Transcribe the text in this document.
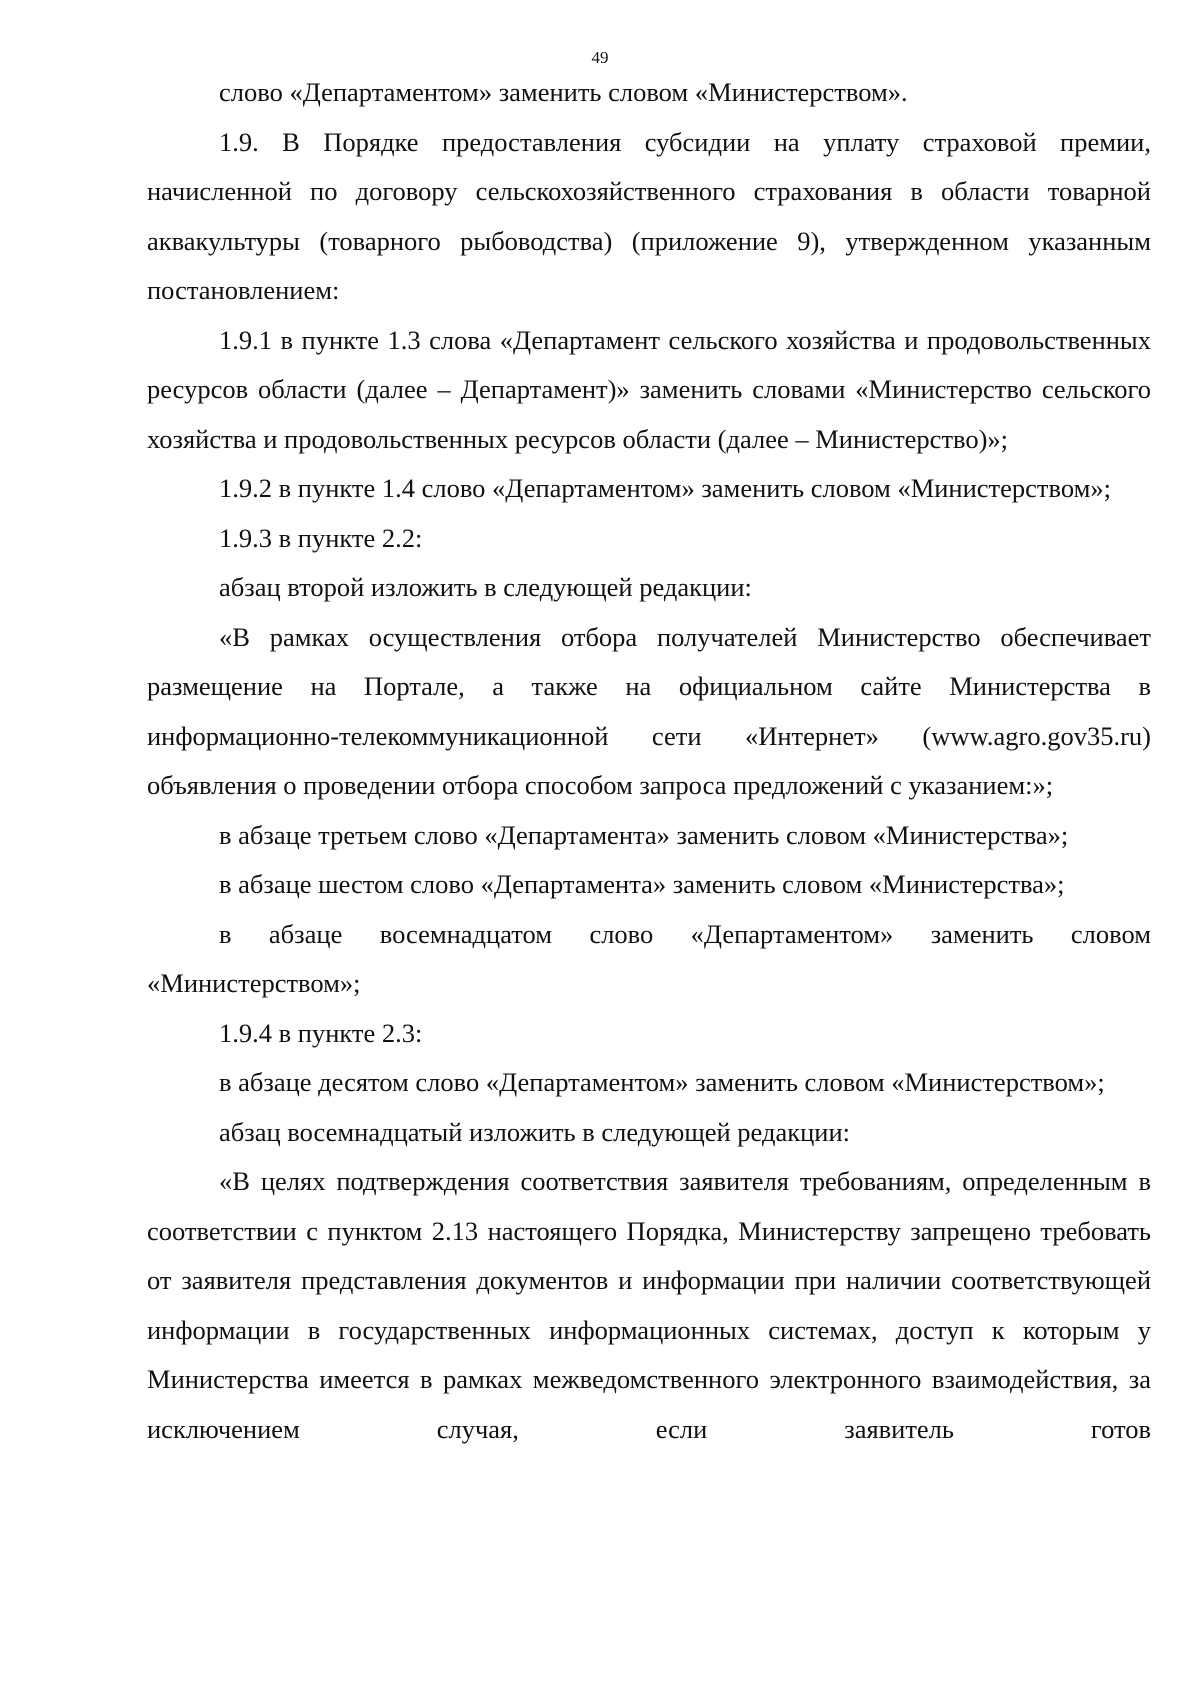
49

слово «Департаментом» заменить словом «Министерством».

1.9. В Порядке предоставления субсидии на уплату страховой премии, начисленной по договору сельскохозяйственного страхования в области товарной аквакультуры (товарного рыбоводства) (приложение 9), утвержденном указанным постановлением:

1.9.1 в пункте 1.3 слова «Департамент сельского хозяйства и продовольственных ресурсов области (далее – Департамент)» заменить словами «Министерство сельского хозяйства и продовольственных ресурсов области (далее – Министерство)»;

1.9.2 в пункте 1.4 слово «Департаментом» заменить словом «Министерством»;

1.9.3 в пункте 2.2:

абзац второй изложить в следующей редакции:

«В рамках осуществления отбора получателей Министерство обеспечивает размещение на Портале, а также на официальном сайте Министерства в информационно-телекоммуникационной сети «Интернет» (www.agro.gov35.ru) объявления о проведении отбора способом запроса предложений с указанием:»;

в абзаце третьем слово «Департамента» заменить словом «Министерства»;

в абзаце шестом слово «Департамента» заменить словом «Министерства»;

в абзаце восемнадцатом слово «Департаментом» заменить словом «Министерством»;

1.9.4 в пункте 2.3:

в абзаце десятом слово «Департаментом» заменить словом «Министерством»;

абзац восемнадцатый изложить в следующей редакции:

«В целях подтверждения соответствия заявителя требованиям, определенным в соответствии с пунктом 2.13 настоящего Порядка, Министерству запрещено требовать от заявителя представления документов и информации при наличии соответствующей информации в государственных информационных системах, доступ к которым у Министерства имеется в рамках межведомственного электронного взаимодействия, за исключением случая, если заявитель готов
